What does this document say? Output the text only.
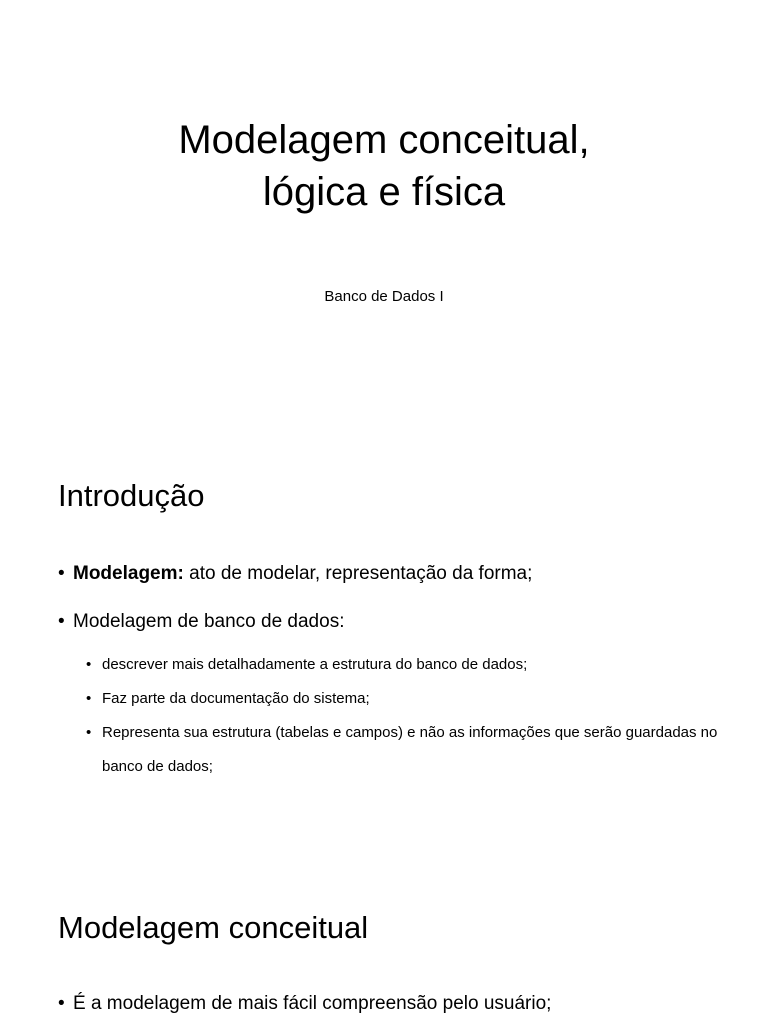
Modelagem conceitual,
lógica e física
Banco de Dados I
Introdução
• Modelagem: ato de modelar, representação da forma;
• Modelagem de banco de dados:
• descrever mais detalhadamente a estrutura do banco de dados;
• Faz parte da documentação do sistema;
• Representa sua estrutura (tabelas e campos) e não as informações que serão guardadas no banco de dados;
Modelagem conceitual
• É a modelagem de mais fácil compreensão pelo usuário;
